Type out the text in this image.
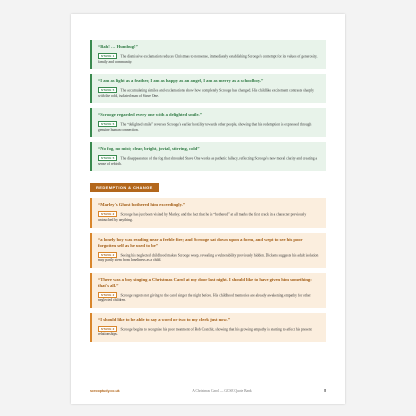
“Bah! … Humbug!”
STAVE 1 The dismissive exclamation reduces Christmas to nonsense, immediately establishing Scrooge's contempt for its values of generosity, family and community.
“I am as light as a feather, I am as happy as an angel, I am as merry as a schoolboy.”
STAVE 5 The accumulating similes and exclamations show how completely Scrooge has changed. His childlike excitement contrasts sharply with the cold, isolated man of Stave One.
“Scrooge regarded every one with a delighted smile.”
STAVE 5 The “delighted smile” reverses Scrooge's earlier hostility towards other people, showing that his redemption is expressed through genuine human connection.
“No fog, no mist; clear, bright, jovial, stirring, cold”
STAVE 5 The disappearance of the fog that shrouded Stave One works as pathetic fallacy, reflecting Scrooge's new moral clarity and creating a sense of rebirth.
REDEMPTION & CHANGE
“Marley's Ghost bothered him exceedingly.”
STAVE 2 Scrooge has just been visited by Marley, and the fact that he is “bothered” at all marks the first crack in a character previously untouched by anything.
“a lonely boy was reading near a feeble fire; and Scrooge sat down upon a form, and wept to see his poor forgotten self as he used to be”
STAVE 2 Seeing his neglected childhood makes Scrooge weep, revealing a vulnerability previously hidden. Dickens suggests his adult isolation may partly stem from loneliness as a child.
“There was a boy singing a Christmas Carol at my door last night. I should like to have given him something: that's all.”
STAVE 2 Scrooge regrets not giving to the carol singer the night before. His childhood memories are already awakening empathy for other neglected children.
“I should like to be able to say a word or two to my clerk just now.”
STAVE 2 Scrooge begins to recognise his poor treatment of Bob Cratchit, showing that his growing empathy is starting to affect his present relationships.
scrooptudy.co.uk	A Christmas Carol — GCSE Quote Bank	8
